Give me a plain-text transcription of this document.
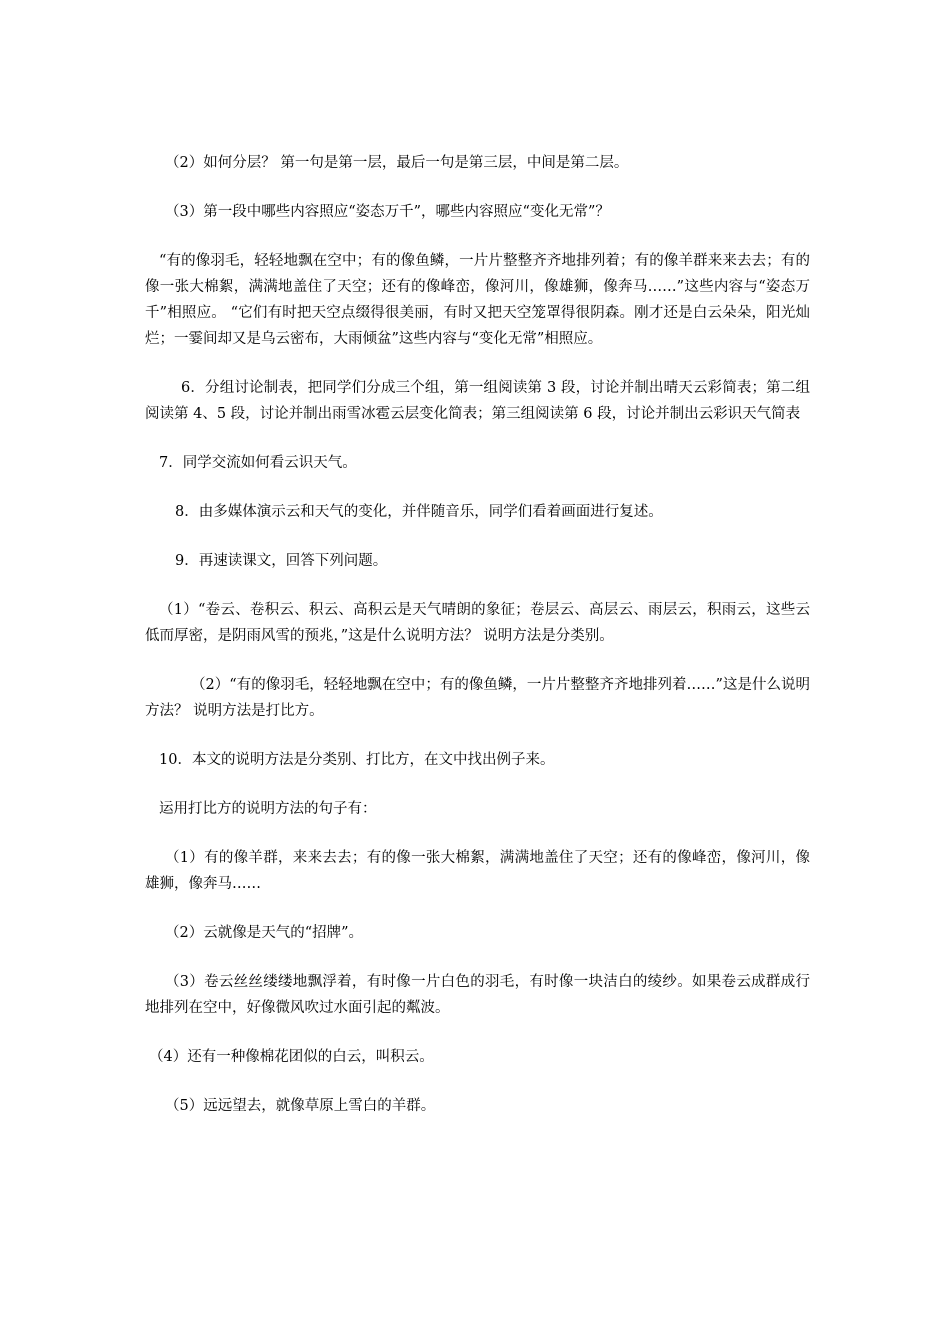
（2）如何分层？ 第一句是第一层，最后一句是第三层，中间是第二层。

（3）第一段中哪些内容照应“姿态万千”，哪些内容照应“变化无常”？

“有的像羽毛，轻轻地飘在空中；有的像鱼鳞，一片片整整齐齐地排列着；有的像羊群来来去去；有的像一张大棉絮，满满地盖住了天空；还有的像峰峦，像河川，像雄狮，像奔马……”这些内容与“姿态万千”相照应。 “它们有时把天空点缀得很美丽，有时又把天空笼罩得很阴森。刚才还是白云朵朵，阳光灿烂；一霎间却又是乌云密布，大雨倾盆”这些内容与“变化无常”相照应。

6．分组讨论制表，把同学们分成三个组，第一组阅读第 3 段，讨论并制出晴天云彩简表；第二组阅读第 4、5 段，讨论并制出雨雪冰雹云层变化简表；第三组阅读第 6 段，讨论并制出云彩识天气简表

7．同学交流如何看云识天气。

8．由多媒体演示云和天气的变化，并伴随音乐，同学们看着画面进行复述。

9．再速读课文，回答下列问题。

（1）“卷云、卷积云、积云、高积云是天气晴朗的象征；卷层云、高层云、雨层云，积雨云，这些云低而厚密，是阴雨风雪的预兆，”这是什么说明方法？ 说明方法是分类别。

（2）“有的像羽毛，轻轻地飘在空中；有的像鱼鳞，一片片整整齐齐地排列着……”这是什么说明方法？ 说明方法是打比方。

10．本文的说明方法是分类别、打比方，在文中找出例子来。

运用打比方的说明方法的句子有：

（1）有的像羊群，来来去去；有的像一张大棉絮，满满地盖住了天空；还有的像峰峦，像河川，像雄狮，像奔马……

（2）云就像是天气的“招牌”。

（3）卷云丝丝缕缕地飘浮着，有时像一片白色的羽毛，有时像一块洁白的绫纱。如果卷云成群成行地排列在空中，好像微风吹过水面引起的粼波。

（4）还有一种像棉花团似的白云，叫积云。

（5）远远望去，就像草原上雪白的羊群。
